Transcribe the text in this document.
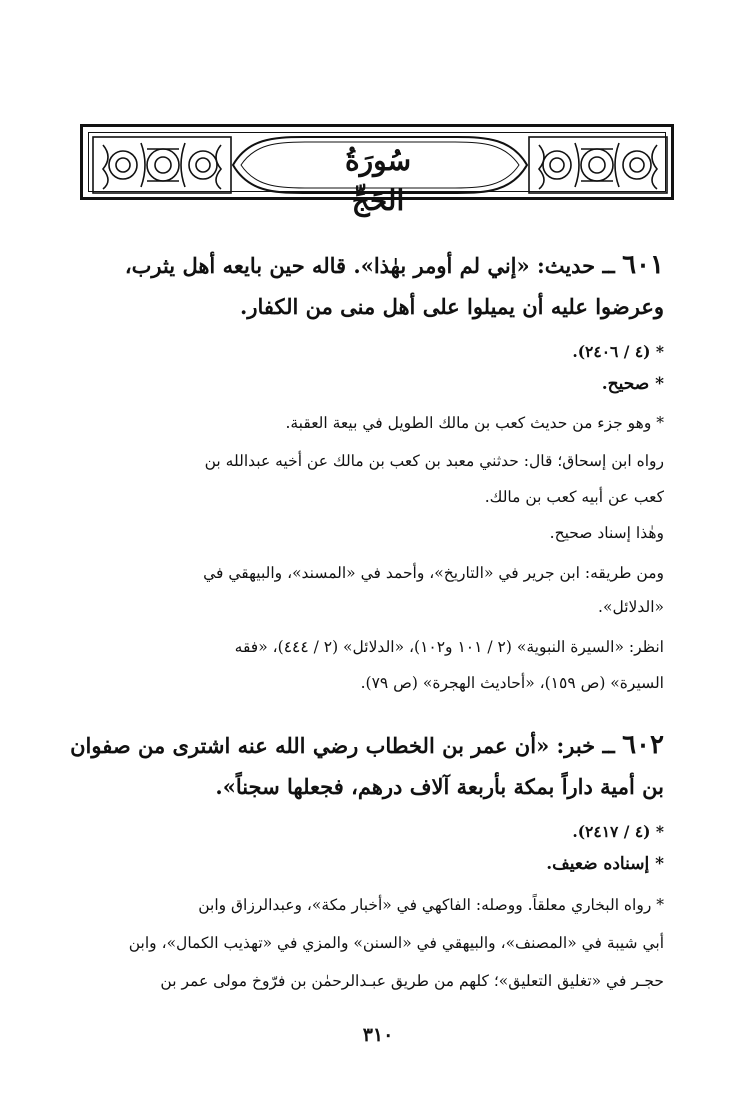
سُورَةُ الحَجِّ
٦٠١ ــ حديث: «إني لم أومر بهٰذا». قاله حين بايعه أهل يثرب،
وعرضوا عليه أن يميلوا على أهل منى من الكفار.
* (٤ / ٢٤٠٦).
* صحيح.
* وهو جزء من حديث كعب بن مالك الطويل في بيعة العقبة.
رواه ابن إسحاق؛ قال: حدثني معبد بن كعب بن مالك عن أخيه عبدالله بن
كعب عن أبيه كعب بن مالك.
وهٰذا إسناد صحيح.
ومن طريقه: ابن جرير في «التاريخ»، وأحمد في «المسند»، والبيهقي في
«الدلائل».
انظر: «السيرة النبوية» (٢ / ١٠١ و١٠٢)، «الدلائل» (٢ / ٤٤٤)، «فقه
السيرة» (ص ١٥٩)، «أحاديث الهجرة» (ص ٧٩).
٦٠٢ ــ خبر: «أن عمر بن الخطاب رضي الله عنه اشترى من صفوان
بن أمية داراً بمكة بأربعة آلاف درهم، فجعلها سجناً».
* (٤ / ٢٤١٧).
* إسناده ضعيف.
* رواه البخاري معلقاً. ووصله: الفاكهي في «أخبار مكة»، وعبدالرزاق وابن
أبي شيبة في «المصنف»، والبيهقي في «السنن» والمزي في «تهذيب الكمال»، وابن
حجـر في «تغليق التعليق»؛ كلهم من طريق عبـدالرحمٰن بن فرّوخ مولى عمر بن
٣١٠
